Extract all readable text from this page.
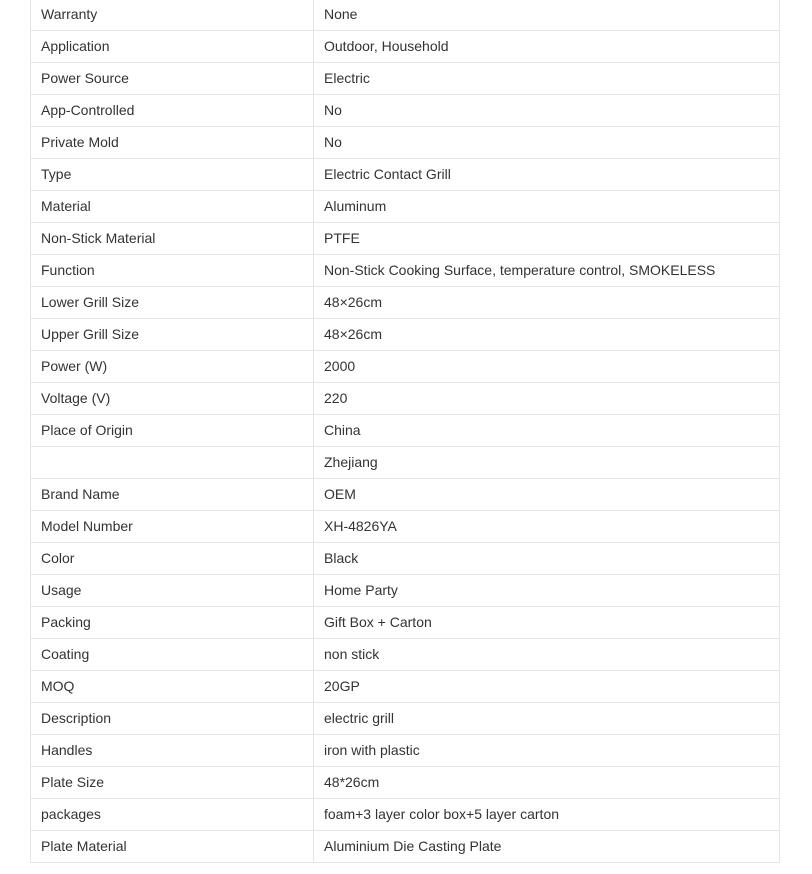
Warranty	None
Application	Outdoor, Household
Power Source	Electric
App-Controlled	No
Private Mold	No
Type	Electric Contact Grill
Material	Aluminum
Non-Stick Material	PTFE
Function	Non-Stick Cooking Surface, temperature control, SMOKELESS
Lower Grill Size	48×26cm
Upper Grill Size	48×26cm
Power (W)	2000
Voltage (V)	220
Place of Origin	China
	Zhejiang
Brand Name	OEM
Model Number	XH-4826YA
Color	Black
Usage	Home Party
Packing	Gift Box + Carton
Coating	non stick
MOQ	20GP
Description	electric grill
Handles	iron with plastic
Plate Size	48*26cm
packages	foam+3 layer color box+5 layer carton
Plate Material	Aluminium Die Casting Plate
